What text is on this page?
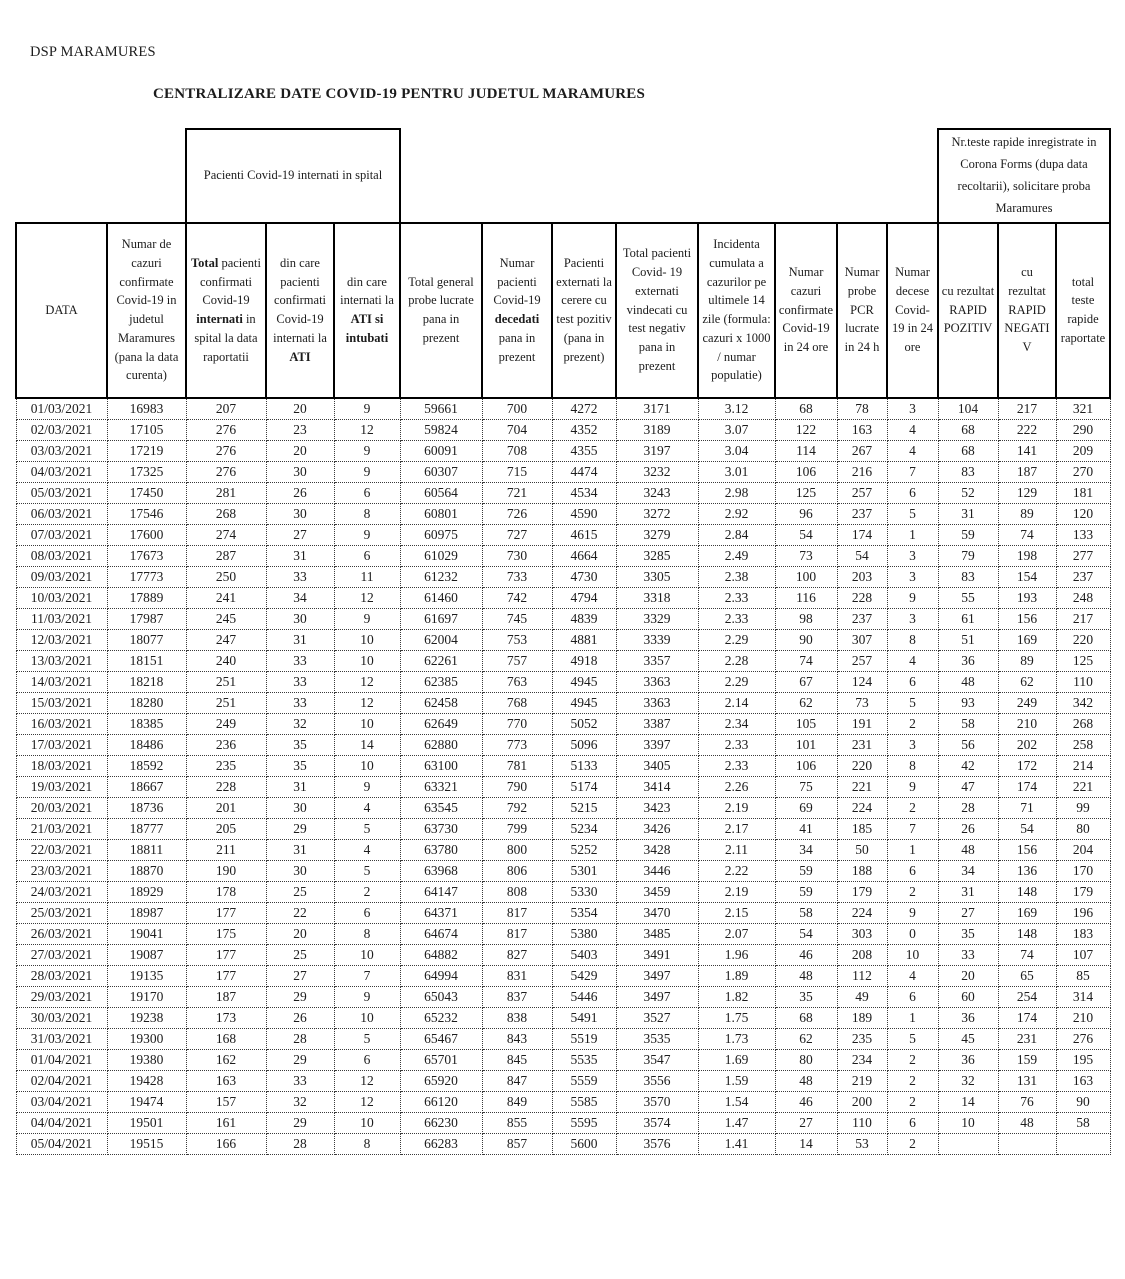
DSP MARAMURES
CENTRALIZARE DATE COVID-19 PENTRU JUDETUL MARAMURES
		Pacienti Covid-19 internati in spital											Nr.teste rapide inregistrate in Corona Forms (dupa data recoltarii), solicitare proba Maramures		
DATA	Numar de cazuri confirmate Covid-19 in judetul Maramures (pana la data curenta)	Total pacienti confirmati Covid-19 internati in spital la data raportatii	din care pacienti confirmati Covid-19 internati la ATI	din care internati la ATI si intubati	Total general probe lucrate pana in prezent	Numar pacienti Covid-19 decedati pana in prezent	Pacienti externati la cerere cu test pozitiv (pana in prezent)	Total pacienti Covid- 19 externati vindecati cu test negativ pana in prezent	Incidenta cumulata a cazurilor pe ultimele 14 zile (formula: cazuri x 1000 / numar populatie)	Numar cazuri confirmate Covid-19 in 24 ore	Numar probe PCR lucrate in 24 h	Numar decese Covid-19 in 24 ore	cu rezultat RAPID POZITIV	cu rezultat RAPID NEGATIV	total teste rapide raportate
01/03/2021	16983	207	20	9	59661	700	4272	3171	3.12	68	78	3	104	217	321
02/03/2021	17105	276	23	12	59824	704	4352	3189	3.07	122	163	4	68	222	290
03/03/2021	17219	276	20	9	60091	708	4355	3197	3.04	114	267	4	68	141	209
04/03/2021	17325	276	30	9	60307	715	4474	3232	3.01	106	216	7	83	187	270
05/03/2021	17450	281	26	6	60564	721	4534	3243	2.98	125	257	6	52	129	181
06/03/2021	17546	268	30	8	60801	726	4590	3272	2.92	96	237	5	31	89	120
07/03/2021	17600	274	27	9	60975	727	4615	3279	2.84	54	174	1	59	74	133
08/03/2021	17673	287	31	6	61029	730	4664	3285	2.49	73	54	3	79	198	277
09/03/2021	17773	250	33	11	61232	733	4730	3305	2.38	100	203	3	83	154	237
10/03/2021	17889	241	34	12	61460	742	4794	3318	2.33	116	228	9	55	193	248
11/03/2021	17987	245	30	9	61697	745	4839	3329	2.33	98	237	3	61	156	217
12/03/2021	18077	247	31	10	62004	753	4881	3339	2.29	90	307	8	51	169	220
13/03/2021	18151	240	33	10	62261	757	4918	3357	2.28	74	257	4	36	89	125
14/03/2021	18218	251	33	12	62385	763	4945	3363	2.29	67	124	6	48	62	110
15/03/2021	18280	251	33	12	62458	768	4945	3363	2.14	62	73	5	93	249	342
16/03/2021	18385	249	32	10	62649	770	5052	3387	2.34	105	191	2	58	210	268
17/03/2021	18486	236	35	14	62880	773	5096	3397	2.33	101	231	3	56	202	258
18/03/2021	18592	235	35	10	63100	781	5133	3405	2.33	106	220	8	42	172	214
19/03/2021	18667	228	31	9	63321	790	5174	3414	2.26	75	221	9	47	174	221
20/03/2021	18736	201	30	4	63545	792	5215	3423	2.19	69	224	2	28	71	99
21/03/2021	18777	205	29	5	63730	799	5234	3426	2.17	41	185	7	26	54	80
22/03/2021	18811	211	31	4	63780	800	5252	3428	2.11	34	50	1	48	156	204
23/03/2021	18870	190	30	5	63968	806	5301	3446	2.22	59	188	6	34	136	170
24/03/2021	18929	178	25	2	64147	808	5330	3459	2.19	59	179	2	31	148	179
25/03/2021	18987	177	22	6	64371	817	5354	3470	2.15	58	224	9	27	169	196
26/03/2021	19041	175	20	8	64674	817	5380	3485	2.07	54	303	0	35	148	183
27/03/2021	19087	177	25	10	64882	827	5403	3491	1.96	46	208	10	33	74	107
28/03/2021	19135	177	27	7	64994	831	5429	3497	1.89	48	112	4	20	65	85
29/03/2021	19170	187	29	9	65043	837	5446	3497	1.82	35	49	6	60	254	314
30/03/2021	19238	173	26	10	65232	838	5491	3527	1.75	68	189	1	36	174	210
31/03/2021	19300	168	28	5	65467	843	5519	3535	1.73	62	235	5	45	231	276
01/04/2021	19380	162	29	6	65701	845	5535	3547	1.69	80	234	2	36	159	195
02/04/2021	19428	163	33	12	65920	847	5559	3556	1.59	48	219	2	32	131	163
03/04/2021	19474	157	32	12	66120	849	5585	3570	1.54	46	200	2	14	76	90
04/04/2021	19501	161	29	10	66230	855	5595	3574	1.47	27	110	6	10	48	58
05/04/2021	19515	166	28	8	66283	857	5600	3576	1.41	14	53	2			
